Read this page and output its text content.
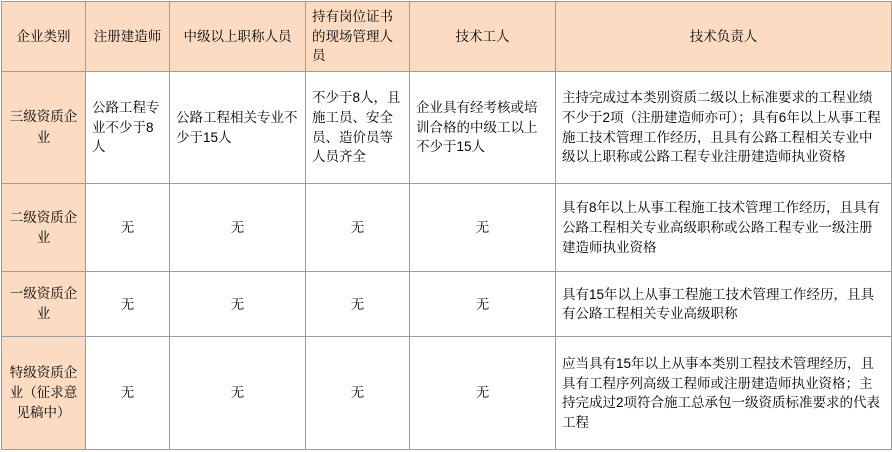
企业类别	注册建造师	中级以上职称人员	持有岗位证书的现场管理人员	技术工人	技术负责人
三级资质企业	公路工程专业不少于8人	公路工程相关专业不少于15人	不少于8人，且施工员、安全员、造价员等人员齐全	企业具有经考核或培训合格的中级工以上不少于15人	主持完成过本类别资质二级以上标准要求的工程业绩不少于2项（注册建造师亦可）；具有6年以上从事工程施工技术管理工作经历，且具有公路工程相关专业中级以上职称或公路工程专业注册建造师执业资格
二级资质企业	无	无	无	无	具有8年以上从事工程施工技术管理工作经历，且具有公路工程相关专业高级职称或公路工程专业一级注册建造师执业资格
一级资质企业	无	无	无	无	具有15年以上从事工程施工技术管理工作经历，且具有公路工程相关专业高级职称
特级资质企业（征求意见稿中）	无	无	无	无	应当具有15年以上从事本类别工程技术管理经历，且具有工程序列高级工程师或注册建造师执业资格；主持完成过2项符合施工总承包一级资质标准要求的代表工程
